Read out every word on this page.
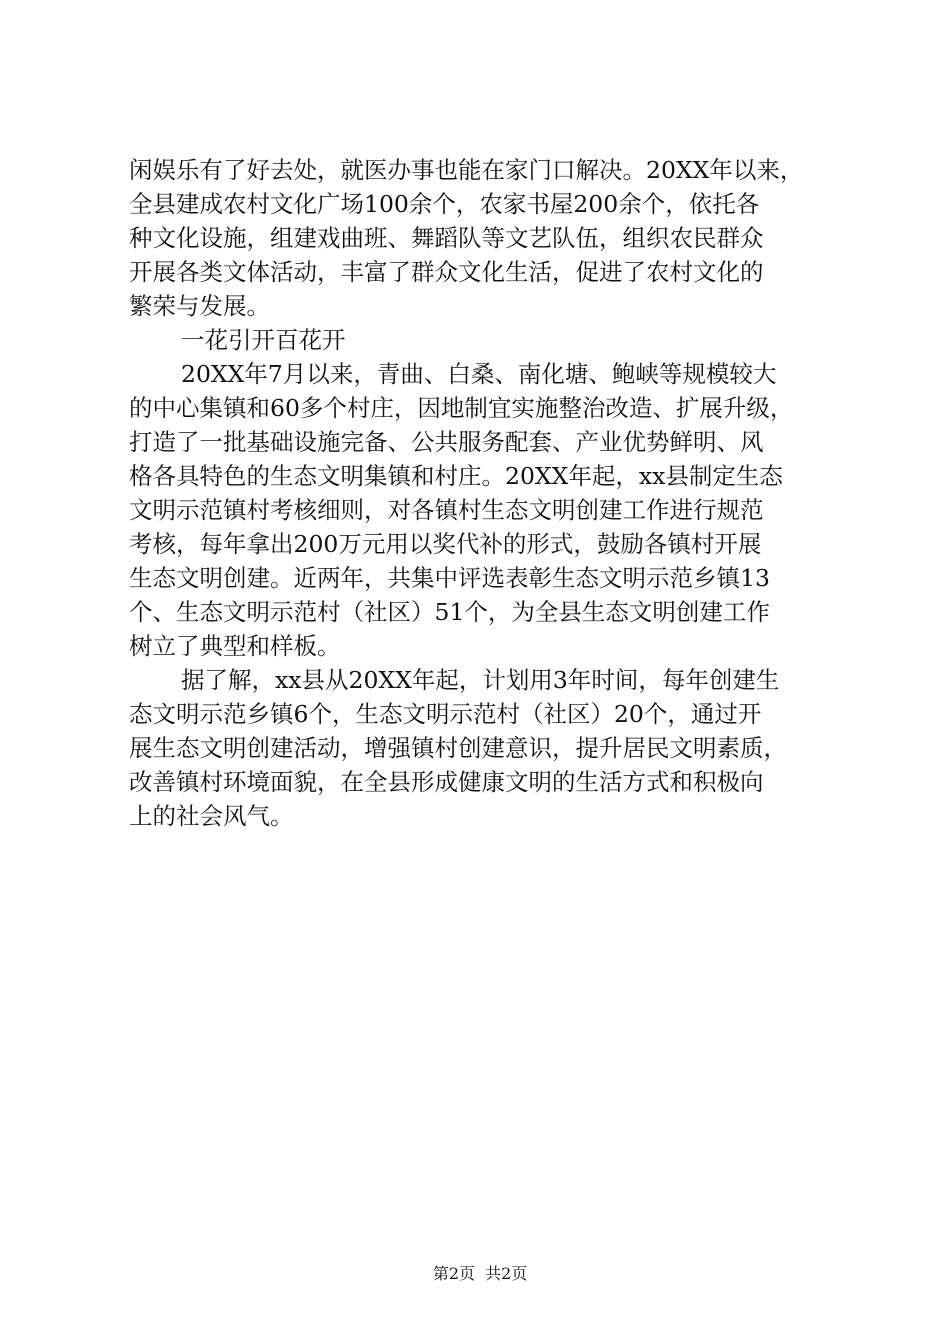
闲娱乐有了好去处，就医办事也能在家门口解决。20XX年以来，
全县建成农村文化广场100余个，农家书屋200余个，依托各
种文化设施，组建戏曲班、舞蹈队等文艺队伍，组织农民群众
开展各类文体活动，丰富了群众文化生活，促进了农村文化的
繁荣与发展。
一花引开百花开
20XX年7月以来，青曲、白桑、南化塘、鲍峡等规模较大
的中心集镇和60多个村庄，因地制宜实施整治改造、扩展升级，
打造了一批基础设施完备、公共服务配套、产业优势鲜明、风
格各具特色的生态文明集镇和村庄。20XX年起，xx县制定生态
文明示范镇村考核细则，对各镇村生态文明创建工作进行规范
考核，每年拿出200万元用以奖代补的形式，鼓励各镇村开展
生态文明创建。近两年，共集中评选表彰生态文明示范乡镇13
个、生态文明示范村（社区）51个，为全县生态文明创建工作
树立了典型和样板。
据了解，xx县从20XX年起，计划用3年时间，每年创建生
态文明示范乡镇6个，生态文明示范村（社区）20个，通过开
展生态文明创建活动，增强镇村创建意识，提升居民文明素质，
改善镇村环境面貌，在全县形成健康文明的生活方式和积极向
上的社会风气。

第2页  共2页
